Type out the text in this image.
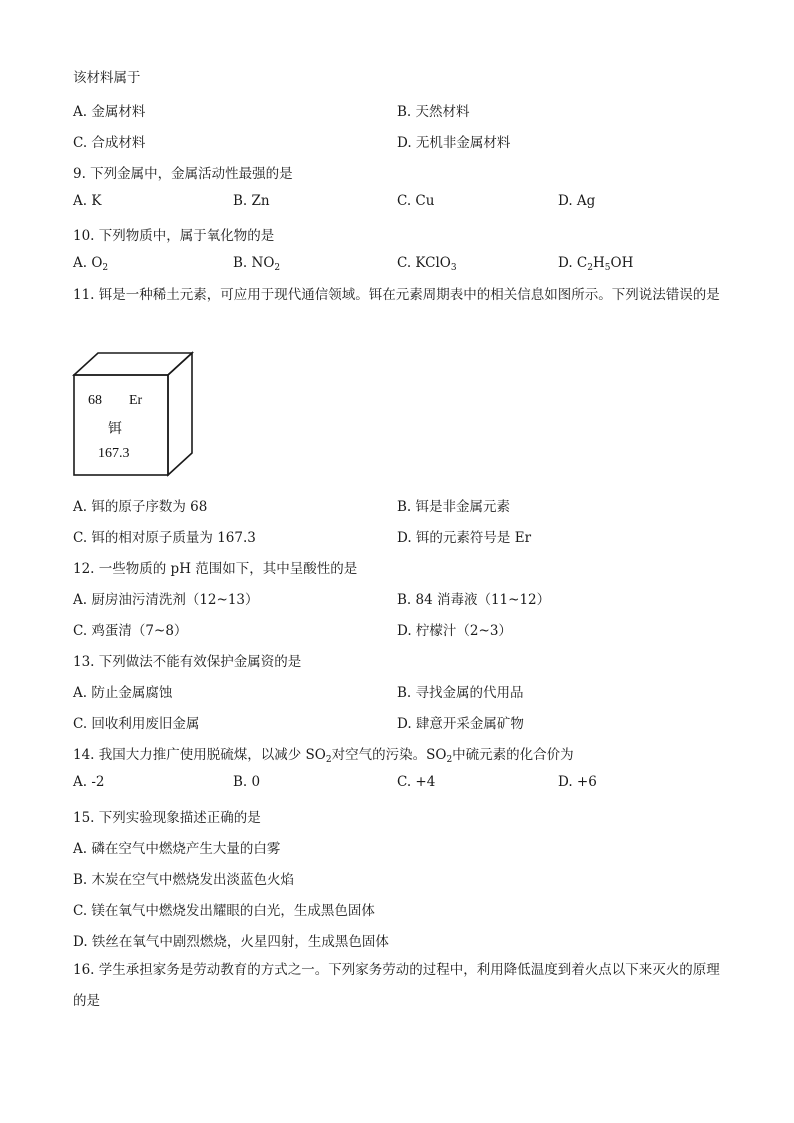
该材料属于
A. 金属材料	B. 天然材料
C. 合成材料	D. 无机非金属材料
9. 下列金属中，金属活动性最强的是
A. K	B. Zn	C. Cu	D. Ag
10. 下列物质中，属于氧化物的是
A. $O_2$	B. $NO_2$	C. KClO$_3$	D. $C_2H_5OH$
11. 铒是一种稀土元素，可应用于现代通信领域。铒在元素周期表中的相关信息如图所示。下列说法错误的是
68 Er
铒
167.3
A. 铒的原子序数为 68	B. 铒是非金属元素
C. 铒的相对原子质量为 167.3	D. 铒的元素符号是 Er
12. 一些物质的 pH 范围如下，其中呈酸性的是
A. 厨房油污清洗剂（12~13）	B. 84 消毒液（11~12）
C. 鸡蛋清（7~8）	D. 柠檬汁（2~3）
13. 下列做法不能有效保护金属资的是
A. 防止金属腐蚀	B. 寻找金属的代用品
C. 回收利用废旧金属	D. 肆意开采金属矿物
14. 我国大力推广使用脱硫煤，以减少 $SO_2$对空气的污染。$SO_2$中硫元素的化合价为
A. -2	B. 0	C. +4	D. +6
15. 下列实验现象描述正确的是
A. 磷在空气中燃烧产生大量的白雾
B. 木炭在空气中燃烧发出淡蓝色火焰
C. 镁在氧气中燃烧发出耀眼的白光，生成黑色固体
D. 铁丝在氧气中剧烈燃烧，火星四射，生成黑色固体
16. 学生承担家务是劳动教育的方式之一。下列家务劳动的过程中，利用降低温度到着火点以下来灭火的原理的是
